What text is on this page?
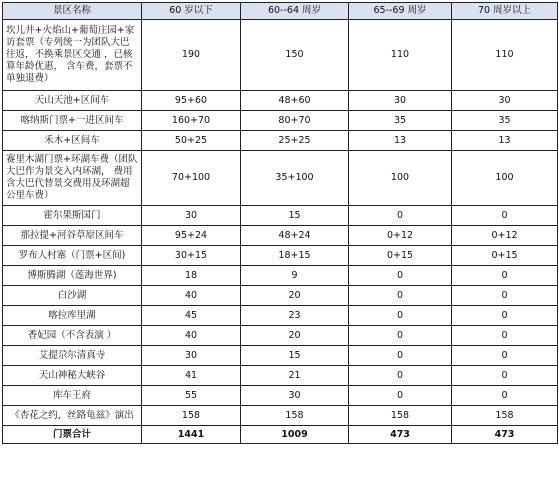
景区名称	60 岁以下	60--64 周岁	65--69 周岁	70 周岁以上
坎儿井+火焰山+葡萄庄园+家访套票（专列统一为团队大巴往返，不换乘景区交通 ，已核算年龄优惠， 含车费，套票不单独退费）	190	150	110	110
天山天池+区间车	95+60	48+60	30	30
喀纳斯门票+一进区间车	160+70	80+70	35	35
禾木+区间车	50+25	25+25	13	13
赛里木湖门票+环湖车费（团队大巴作为景交入内环湖， 费用含大巴代替景交费用及环湖超公里车费）	70+100	35+100	100	100
霍尔果斯国门	30	15	0	0
那拉提+河谷草原区间车	95+24	48+24	0+12	0+12
罗布人村寨（门票+区间)	30+15	18+15	0+15	0+15
博斯腾湖（莲海世界)	18	9	0	0
白沙湖	40	20	0	0
喀拉库里湖	45	23	0	0
香妃园（不含表演 ）	40	20	0	0
艾提尕尔清真寺	30	15	0	0
天山神秘大峡谷	41	21	0	0
库车王府	55	30	0	0
《杏花之约，丝路龟兹》演出	158	158	158	158
门票合计	1441	1009	473	473
